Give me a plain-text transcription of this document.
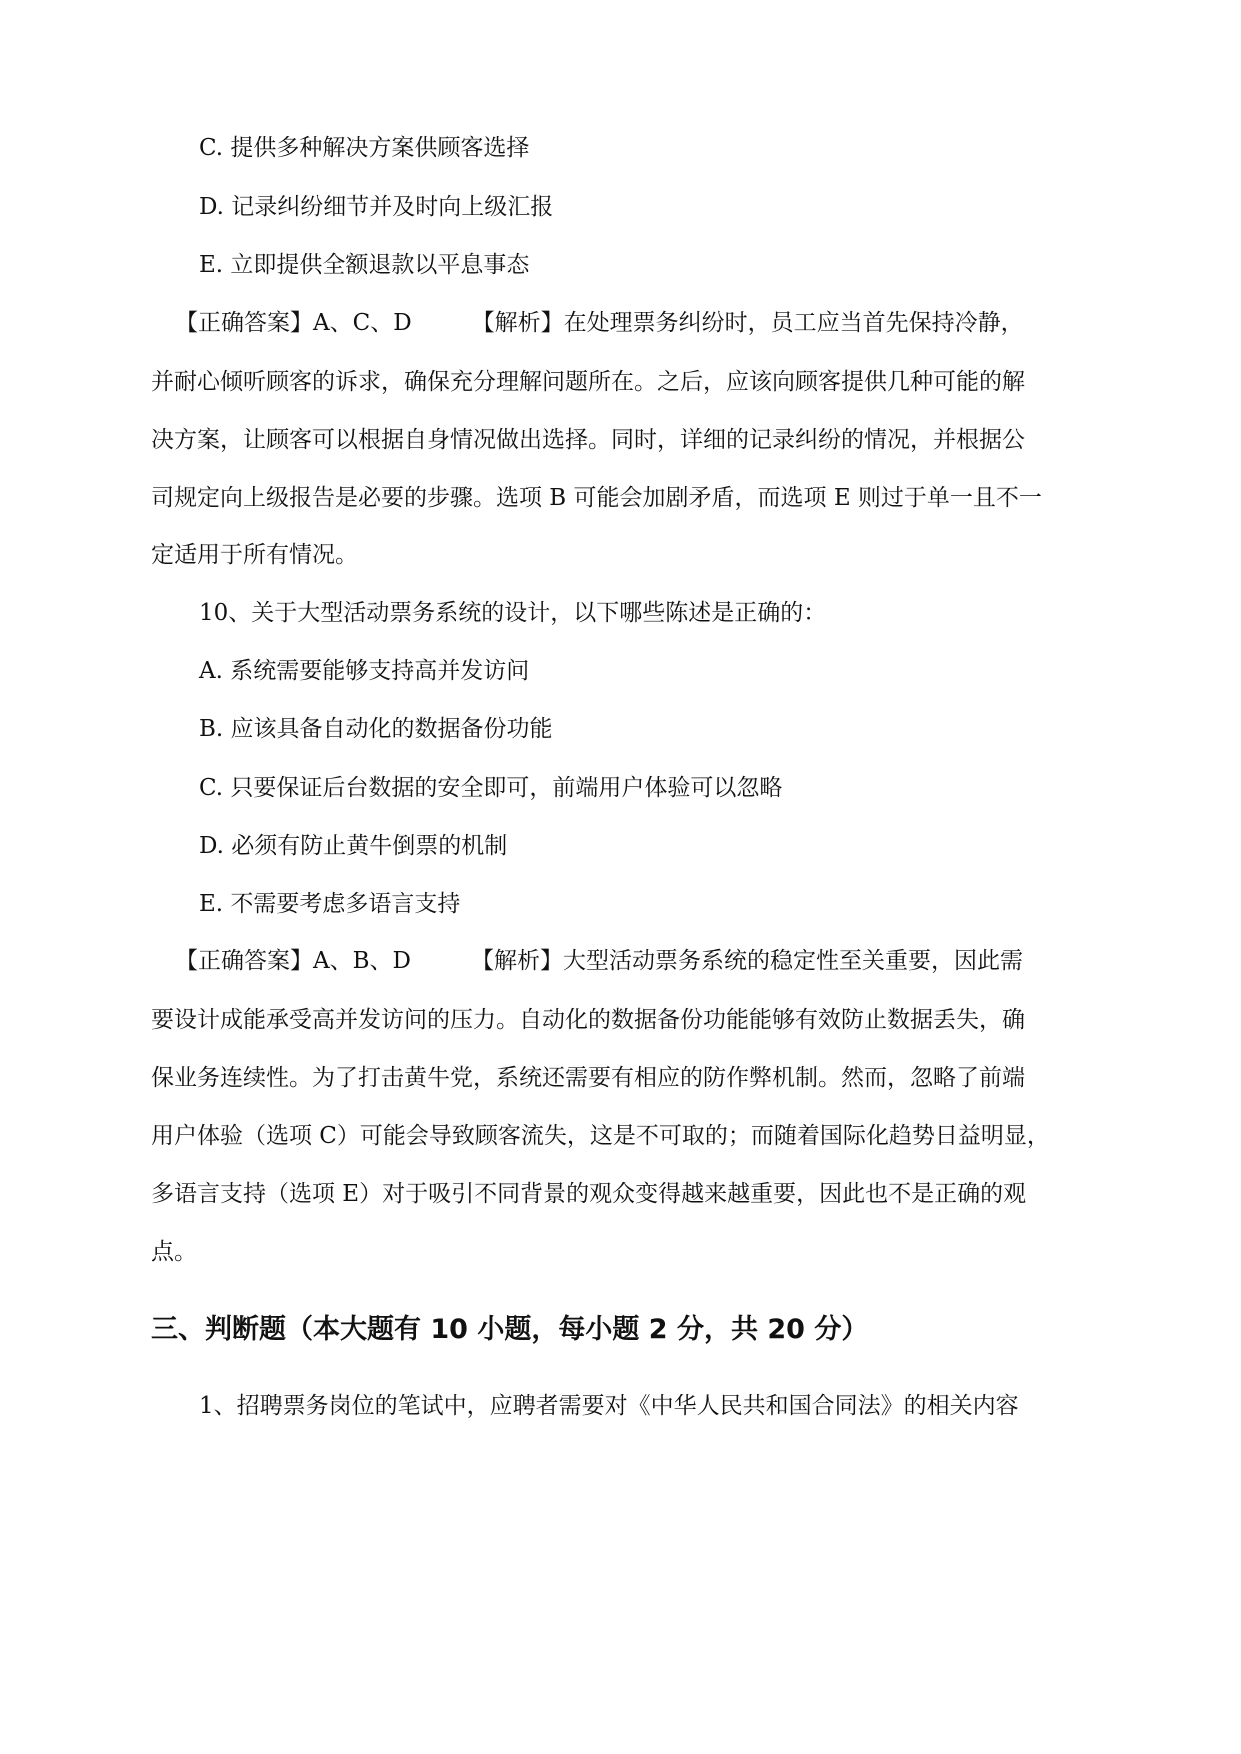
C. 提供多种解决方案供顾客选择
D. 记录纠纷细节并及时向上级汇报
E. 立即提供全额退款以平息事态
【正确答案】A、C、D	【解析】在处理票务纠纷时，员工应当首先保持冷静，
并耐心倾听顾客的诉求，确保充分理解问题所在。之后，应该向顾客提供几种可能的解
决方案，让顾客可以根据自身情况做出选择。同时，详细的记录纠纷的情况，并根据公
司规定向上级报告是必要的步骤。选项 B 可能会加剧矛盾，而选项 E 则过于单一且不一
定适用于所有情况。
10、关于大型活动票务系统的设计，以下哪些陈述是正确的：
A. 系统需要能够支持高并发访问
B. 应该具备自动化的数据备份功能
C. 只要保证后台数据的安全即可，前端用户体验可以忽略
D. 必须有防止黄牛倒票的机制
E. 不需要考虑多语言支持
【正确答案】A、B、D	【解析】大型活动票务系统的稳定性至关重要，因此需
要设计成能承受高并发访问的压力。自动化的数据备份功能能够有效防止数据丢失，确
保业务连续性。为了打击黄牛党，系统还需要有相应的防作弊机制。然而，忽略了前端
用户体验（选项 C）可能会导致顾客流失，这是不可取的；而随着国际化趋势日益明显，
多语言支持（选项 E）对于吸引不同背景的观众变得越来越重要，因此也不是正确的观
点。
三、判断题（本大题有 10 小题，每小题 2 分，共 20 分）
1、招聘票务岗位的笔试中，应聘者需要对《中华人民共和国合同法》的相关内容
